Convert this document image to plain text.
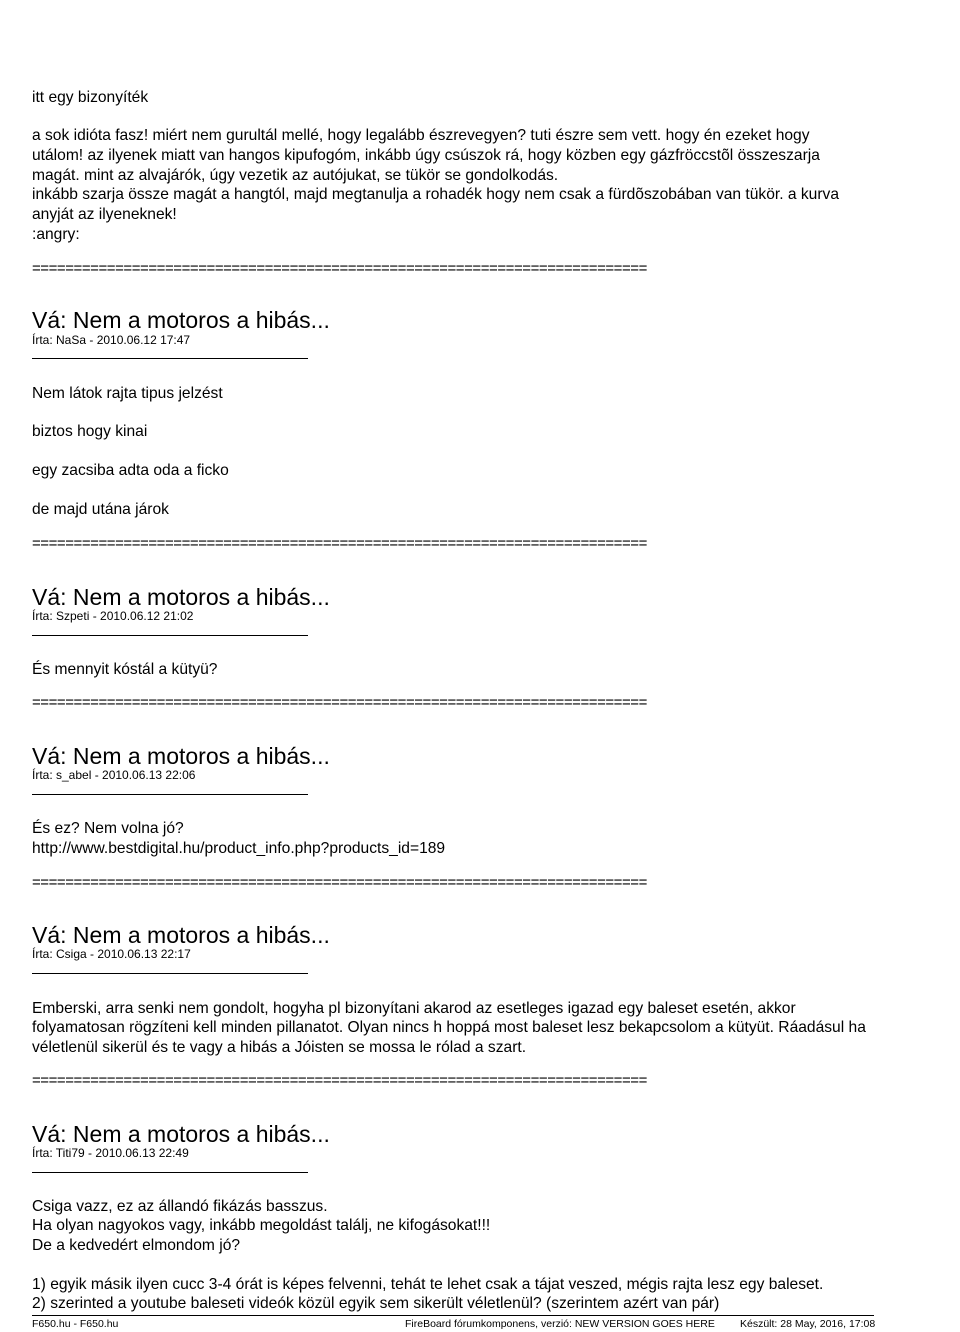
itt egy bizonyíték
a sok idióta fasz! miért nem gurultál mellé, hogy legalább észrevegyen? tuti észre sem vett. hogy én ezeket hogy
utálom! az ilyenek miatt van hangos kipufogóm, inkább úgy csúszok rá, hogy közben egy gázfröccstõl összeszarja
magát. mint az alvajárók, úgy vezetik az autójukat, se tükör se gondolkodás.
inkább szarja össze magát a hangtól, majd megtanulja a rohadék hogy nem csak a fürdõszobában van tükör. a kurva
anyját az ilyeneknek!
:angry:
==========================================================================
Vá: Nem a motoros a hibás...
Írta: NaSa - 2010.06.12 17:47
Nem látok rajta tipus jelzést
biztos hogy kinai
egy zacsiba adta oda a ficko
de majd utána járok
==========================================================================
Vá: Nem a motoros a hibás...
Írta: Szpeti - 2010.06.12 21:02
És mennyit kóstál a kütyü?
==========================================================================
Vá: Nem a motoros a hibás...
Írta: s_abel - 2010.06.13 22:06
És ez? Nem volna jó?
http://www.bestdigital.hu/product_info.php?products_id=189
==========================================================================
Vá: Nem a motoros a hibás...
Írta: Csiga - 2010.06.13 22:17
Emberski, arra senki nem gondolt, hogyha pl bizonyítani akarod az esetleges igazad egy baleset esetén, akkor
folyamatosan rögzíteni kell minden pillanatot. Olyan nincs h hoppá most baleset lesz bekapcsolom a kütyüt. Ráadásul ha
véletlenül sikerül és te vagy a hibás a Jóisten se mossa le rólad a szart.
==========================================================================
Vá: Nem a motoros a hibás...
Írta: Titi79 - 2010.06.13 22:49
Csiga vazz, ez az állandó fikázás basszus.
Ha olyan nagyokos vagy, inkább megoldást találj, ne kifogásokat!!!
De a kedvedért elmondom jó?
1) egyik másik ilyen cucc 3-4 órát is képes felvenni, tehát te lehet csak a tájat veszed, mégis rajta lesz egy baleset.
2) szerinted a youtube baleseti videók közül egyik sem sikerült véletlenül? (szerintem azért van pár)
F650.hu - F650.hu	FireBoard fórumkomponens, verzió: NEW VERSION GOES HERE Készült: 28 May, 2016, 17:08
